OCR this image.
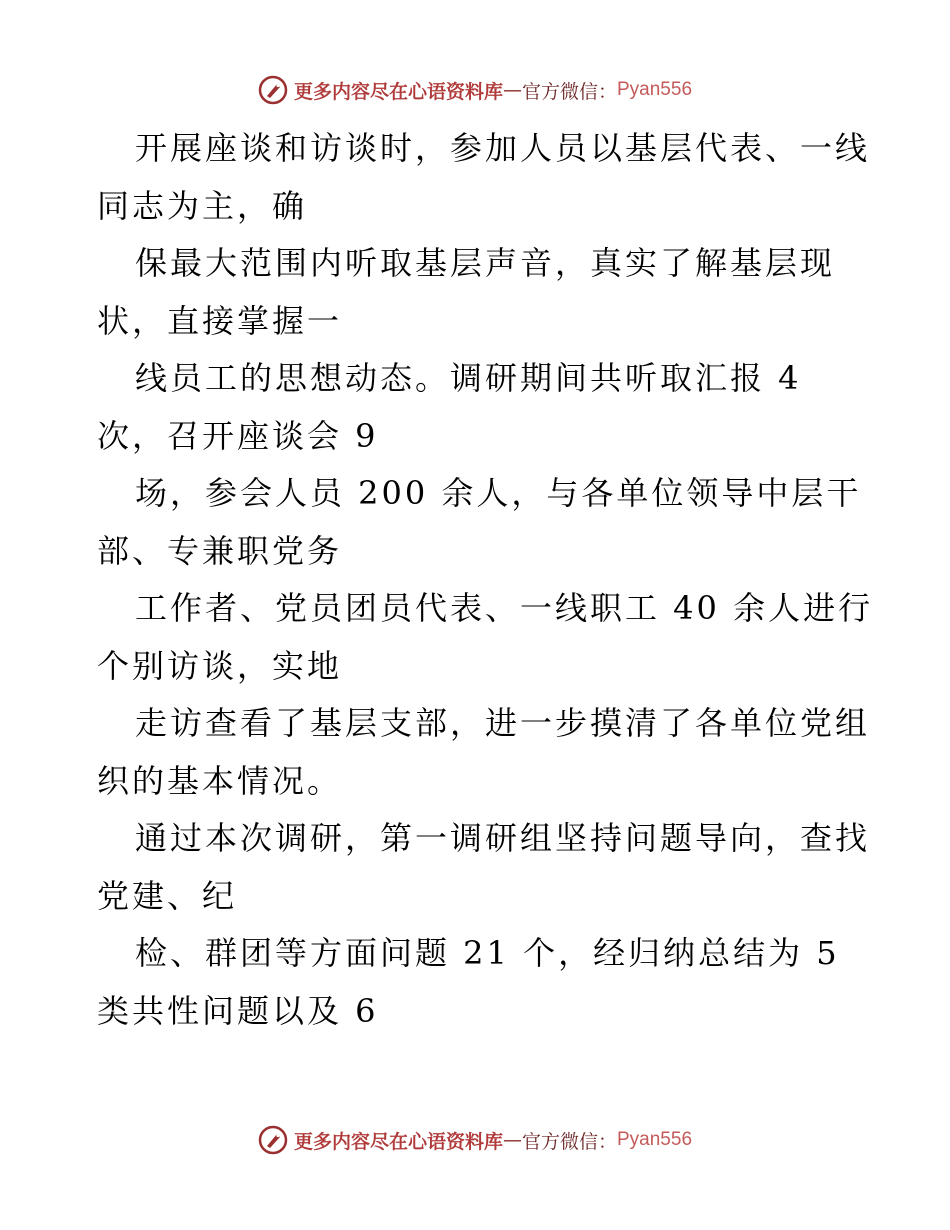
更多内容尽在心语资料库 — 官方微信： Pyan556
开展座谈和访谈时，参加人员以基层代表、一线
同志为主，确
保最大范围内听取基层声音，真实了解基层现
状，直接掌握一
线员工的思想动态。调研期间共听取汇报 4
次，召开座谈会 9
场，参会人员 200 余人，与各单位领导中层干
部、专兼职党务
工作者、党员团员代表、一线职工 40 余人进行
个别访谈，实地
走访查看了基层支部，进一步摸清了各单位党组
织的基本情况。
通过本次调研，第一调研组坚持问题导向，查找
党建、纪
检、群团等方面问题 21 个，经归纳总结为 5
类共性问题以及 6
更多内容尽在心语资料库 — 官方微信： Pyan556
